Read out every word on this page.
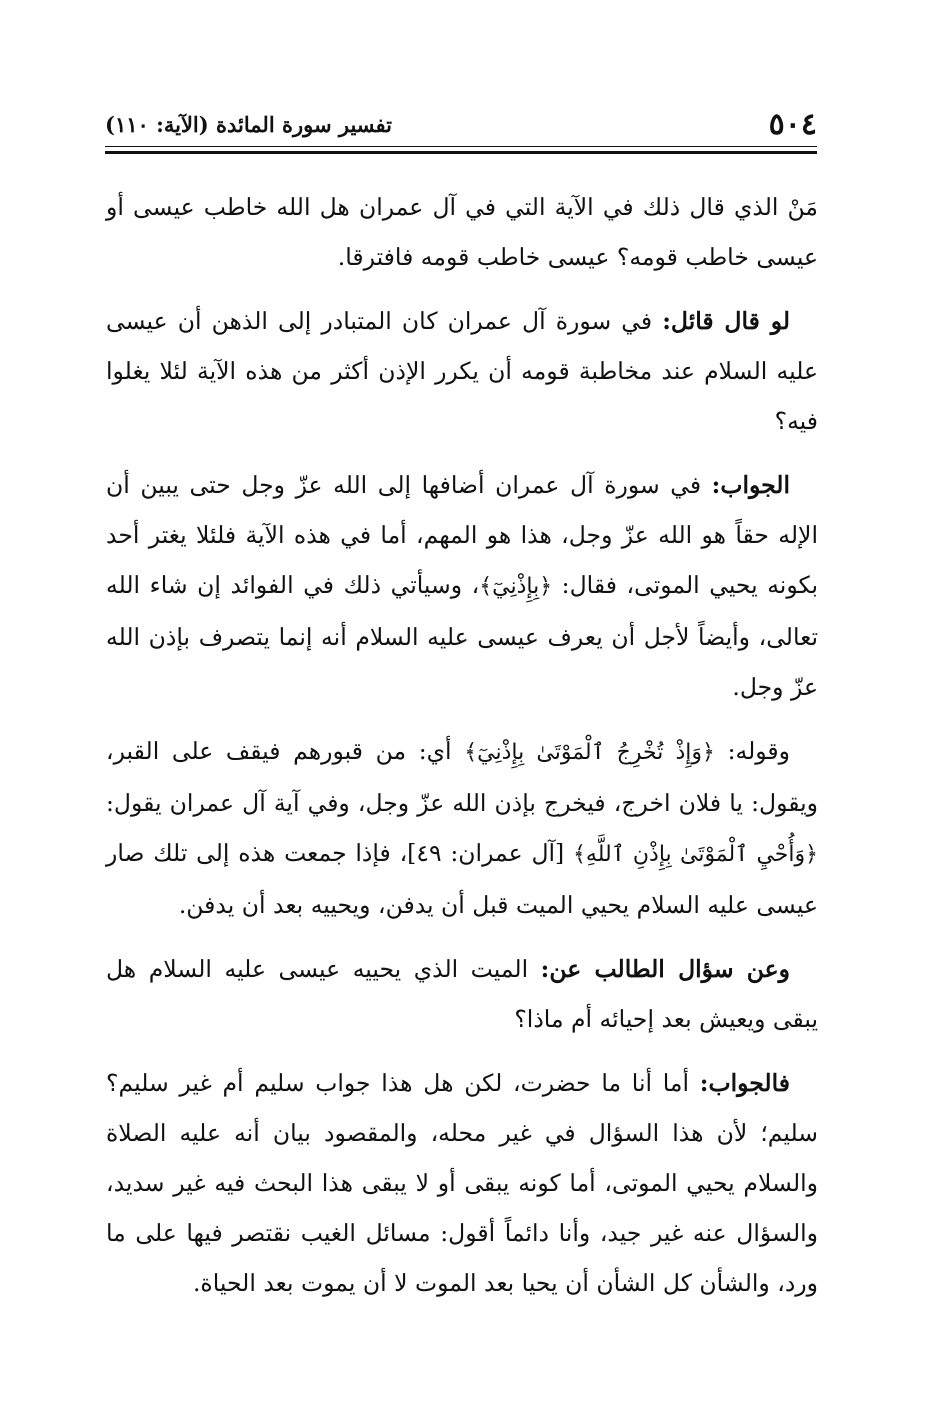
٥٠٤
تفسير سورة المائدة (الآية: ١١٠)

مَنْ الذي قال ذلك في الآية التي في آل عمران هل الله خاطب عيسى أو عيسى خاطب قومه؟ عيسى خاطب قومه فافترقا.

لو قال قائل: في سورة آل عمران كان المتبادر إلى الذهن أن عيسى عليه السلام عند مخاطبة قومه أن يكرر الإذن أكثر من هذه الآية لئلا يغلوا فيه؟

الجواب: في سورة آل عمران أضافها إلى الله عزّ وجل حتى يبين أن الإله حقاً هو الله عزّ وجل، هذا هو المهم، أما في هذه الآية فلئلا يغتر أحد بكونه يحيي الموتى، فقال: ﴿بِإِذْنِيٓ﴾، وسيأتي ذلك في الفوائد إن شاء الله تعالى، وأيضاً لأجل أن يعرف عيسى عليه السلام أنه إنما يتصرف بإذن الله عزّ وجل.

وقوله: ﴿وَإِذْ تُخْرِجُ ٱلْمَوْتَىٰ بِإِذْنِيٓ﴾ أي: من قبورهم فيقف على القبر، ويقول: يا فلان اخرج، فيخرج بإذن الله عزّ وجل، وفي آية آل عمران يقول: ﴿وَأُحْيِ ٱلْمَوْتَىٰ بِإِذْنِ ٱللَّهِ﴾ [آل عمران: ٤٩]، فإذا جمعت هذه إلى تلك صار عيسى عليه السلام يحيي الميت قبل أن يدفن، ويحييه بعد أن يدفن.

وعن سؤال الطالب عن: الميت الذي يحييه عيسى عليه السلام هل يبقى ويعيش بعد إحيائه أم ماذا؟

فالجواب: أما أنا ما حضرت، لكن هل هذا جواب سليم أم غير سليم؟ سليم؛ لأن هذا السؤال في غير محله، والمقصود بيان أنه عليه الصلاة والسلام يحيي الموتى، أما كونه يبقى أو لا يبقى هذا البحث فيه غير سديد، والسؤال عنه غير جيد، وأنا دائماً أقول: مسائل الغيب نقتصر فيها على ما ورد، والشأن كل الشأن أن يحيا بعد الموت لا أن يموت بعد الحياة.
